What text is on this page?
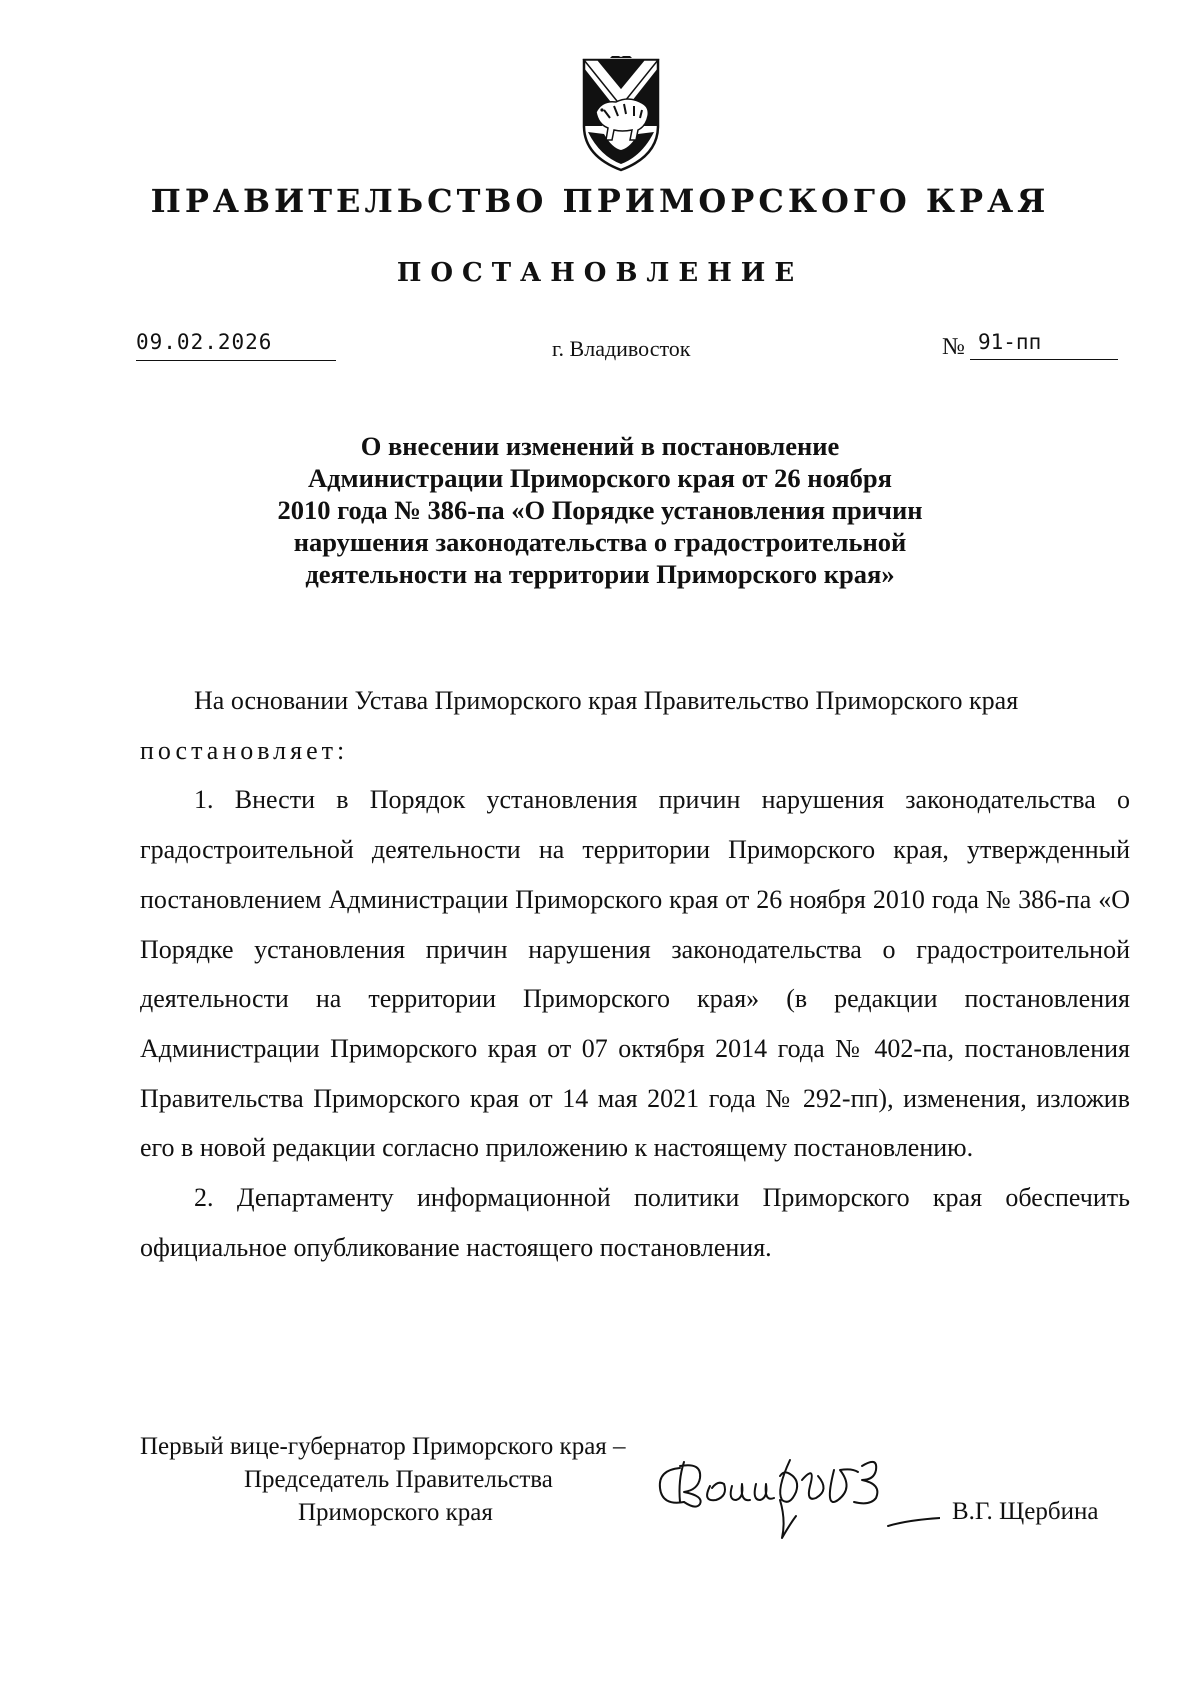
ПРАВИТЕЛЬСТВО ПРИМОРСКОГО КРАЯ
ПОСТАНОВЛЕНИЕ
09.02.2026	г. Владивосток	№ 91-пп
О внесении изменений в постановление
Администрации Приморского края от 26 ноября
2010 года № 386-па «О Порядке установления причин
нарушения законодательства о градостроительной
деятельности на территории Приморского края»

На основании Устава Приморского края Правительство Приморского края

постановляет:

1. Внести в Порядок установления причин нарушения законодательства о градостроительной деятельности на территории Приморского края, утвержденный постановлением Администрации Приморского края от 26 ноября 2010 года № 386-па «О Порядке установления причин нарушения законодательства о градостроительной деятельности на территории Приморского края» (в редакции постановления Администрации Приморского края от 07 октября 2014 года № 402-па, постановления Правительства Приморского края от 14 мая 2021 года № 292-пп), изменения, изложив его в новой редакции согласно приложению к настоящему постановлению.

2. Департаменту информационной политики Приморского края обеспечить официальное опубликование настоящего постановления.

Первый вице-губернатор Приморского края –
Председатель Правительства
Приморского края	В.Г. Щербина
